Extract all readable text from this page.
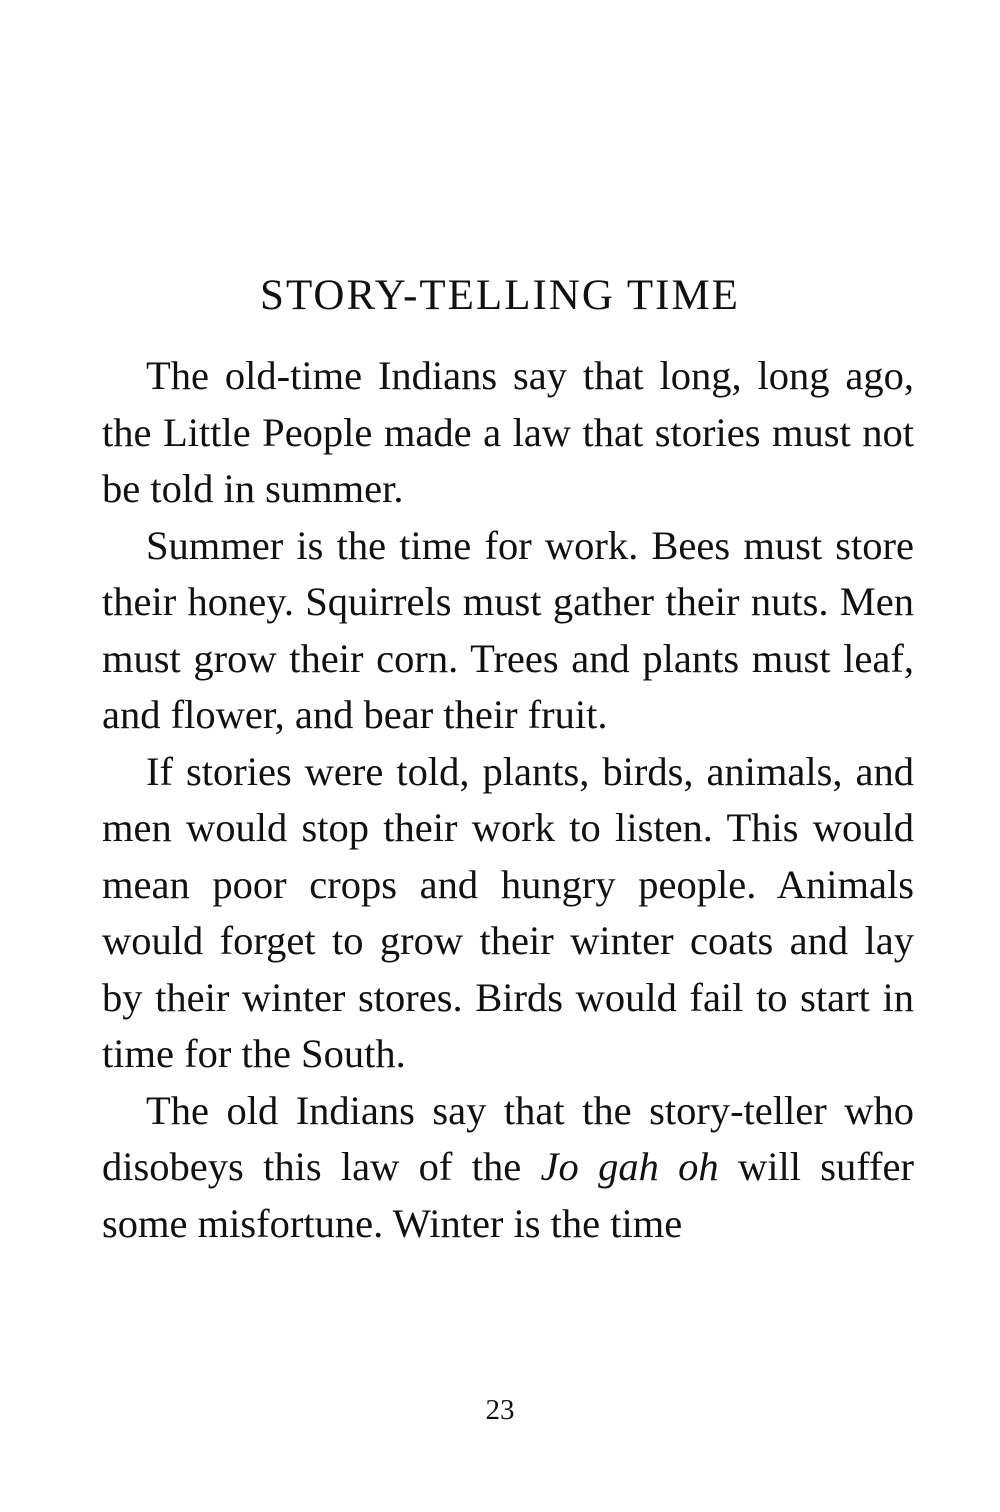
STORY-TELLING TIME

The old-time Indians say that long, long ago, the Little People made a law that stories must not be told in summer.

Summer is the time for work. Bees must store their honey. Squirrels must gather their nuts. Men must grow their corn. Trees and plants must leaf, and flower, and bear their fruit.

If stories were told, plants, birds, animals, and men would stop their work to listen. This would mean poor crops and hungry people. Animals would forget to grow their winter coats and lay by their winter stores. Birds would fail to start in time for the South.

The old Indians say that the story-teller who disobeys this law of the Jo gah oh will suffer some misfortune. Winter is the time

23
